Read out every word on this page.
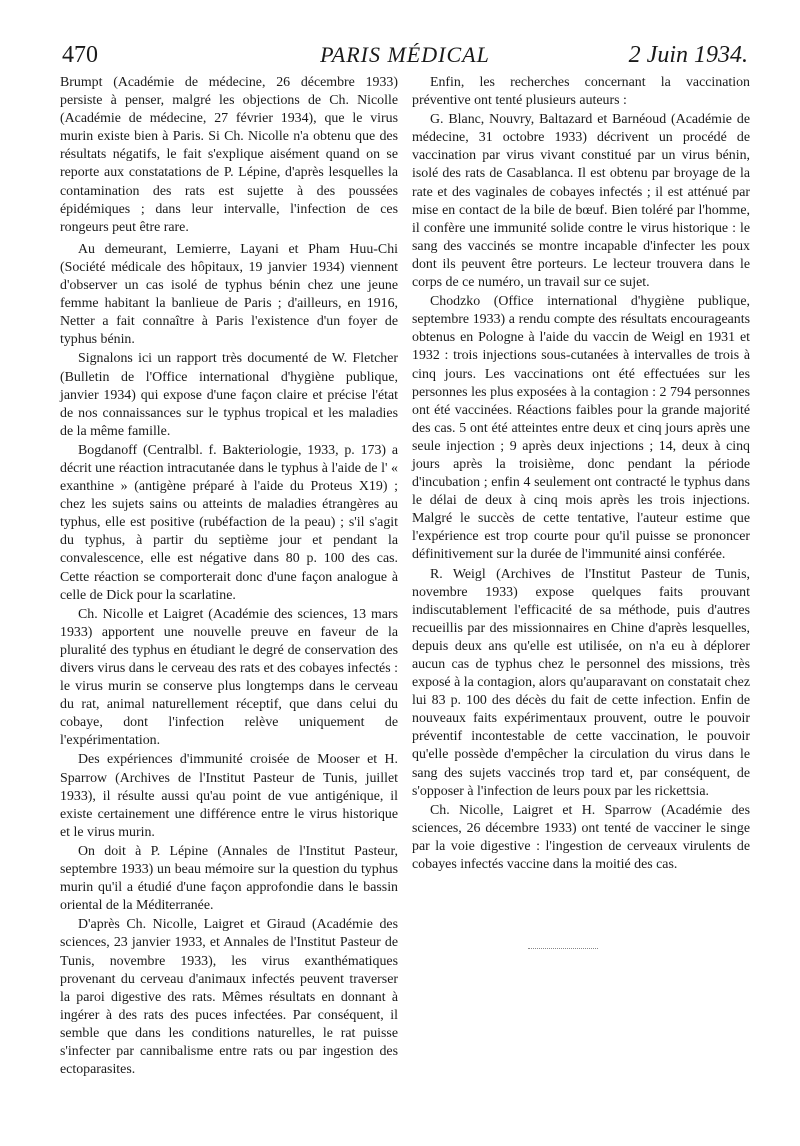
470	PARIS MÉDICAL	2 Juin 1934.

Brumpt (Académie de médecine, 26 décembre 1933) persiste à penser, malgré les objections de Ch. Nicolle (Académie de médecine, 27 février 1934), que le virus murin existe bien à Paris. Si Ch. Nicolle n'a obtenu que des résultats négatifs, le fait s'explique aisément quand on se reporte aux constatations de P. Lépine, d'après lesquelles la contamination des rats est sujette à des poussées épidémiques ; dans leur intervalle, l'infection de ces rongeurs peut être rare.

Au demeurant, Lemierre, Layani et Pham Huu-Chi (Société médicale des hôpitaux, 19 janvier 1934) viennent d'observer un cas isolé de typhus bénin chez une jeune femme habitant la banlieue de Paris ; d'ailleurs, en 1916, Netter a fait connaître à Paris l'existence d'un foyer de typhus bénin.

Signalons ici un rapport très documenté de W. Fletcher (Bulletin de l'Office international d'hygiène publique, janvier 1934) qui expose d'une façon claire et précise l'état de nos connaissances sur le typhus tropical et les maladies de la même famille.

Bogdanoff (Centralbl. f. Bakteriologie, 1933, p. 173) a décrit une réaction intracutanée dans le typhus à l'aide de l' « exanthine » (antigène préparé à l'aide du Proteus X19) ; chez les sujets sains ou atteints de maladies étrangères au typhus, elle est positive (rubéfaction de la peau) ; s'il s'agit du typhus, à partir du septième jour et pendant la convalescence, elle est négative dans 80 p. 100 des cas. Cette réaction se comporterait donc d'une façon analogue à celle de Dick pour la scarlatine.

Ch. Nicolle et Laigret (Académie des sciences, 13 mars 1933) apportent une nouvelle preuve en faveur de la pluralité des typhus en étudiant le degré de conservation des divers virus dans le cerveau des rats et des cobayes infectés : le virus murin se conserve plus longtemps dans le cerveau du rat, animal naturellement réceptif, que dans celui du cobaye, dont l'infection relève uniquement de l'expérimentation.

Des expériences d'immunité croisée de Mooser et H. Sparrow (Archives de l'Institut Pasteur de Tunis, juillet 1933), il résulte aussi qu'au point de vue antigénique, il existe certainement une différence entre le virus historique et le virus murin.

On doit à P. Lépine (Annales de l'Institut Pasteur, septembre 1933) un beau mémoire sur la question du typhus murin qu'il a étudié d'une façon approfondie dans le bassin oriental de la Méditerranée.

D'après Ch. Nicolle, Laigret et Giraud (Académie des sciences, 23 janvier 1933, et Annales de l'Institut Pasteur de Tunis, novembre 1933), les virus exanthématiques provenant du cerveau d'animaux infectés peuvent traverser la paroi digestive des rats. Mêmes résultats en donnant à ingérer à des rats des puces infectées. Par conséquent, il semble que dans les conditions naturelles, le rat puisse s'infecter par cannibalisme entre rats ou par ingestion des ectoparasites.

Enfin, les recherches concernant la vaccination préventive ont tenté plusieurs auteurs :

G. Blanc, Nouvry, Baltazard et Barnéoud (Académie de médecine, 31 octobre 1933) décrivent un procédé de vaccination par virus vivant constitué par un virus bénin, isolé des rats de Casablanca. Il est obtenu par broyage de la rate et des vaginales de cobayes infectés ; il est atténué par mise en contact de la bile de bœuf. Bien toléré par l'homme, il confère une immunité solide contre le virus historique : le sang des vaccinés se montre incapable d'infecter les poux dont ils peuvent être porteurs. Le lecteur trouvera dans le corps de ce numéro, un travail sur ce sujet.

Chodzko (Office international d'hygiène publique, septembre 1933) a rendu compte des résultats encourageants obtenus en Pologne à l'aide du vaccin de Weigl en 1931 et 1932 : trois injections sous-cutanées à intervalles de trois à cinq jours. Les vaccinations ont été effectuées sur les personnes les plus exposées à la contagion : 2 794 personnes ont été vaccinées. Réactions faibles pour la grande majorité des cas. 5 ont été atteintes entre deux et cinq jours après une seule injection ; 9 après deux injections ; 14, deux à cinq jours après la troisième, donc pendant la période d'incubation ; enfin 4 seulement ont contracté le typhus dans le délai de deux à cinq mois après les trois injections. Malgré le succès de cette tentative, l'auteur estime que l'expérience est trop courte pour qu'il puisse se prononcer définitivement sur la durée de l'immunité ainsi conférée.

R. Weigl (Archives de l'Institut Pasteur de Tunis, novembre 1933) expose quelques faits prouvant indiscutablement l'efficacité de sa méthode, puis d'autres recueillis par des missionnaires en Chine d'après lesquelles, depuis deux ans qu'elle est utilisée, on n'a eu à déplorer aucun cas de typhus chez le personnel des missions, très exposé à la contagion, alors qu'auparavant on constatait chez lui 83 p. 100 des décès du fait de cette infection. Enfin de nouveaux faits expérimentaux prouvent, outre le pouvoir préventif incontestable de cette vaccination, le pouvoir qu'elle possède d'empêcher la circulation du virus dans le sang des sujets vaccinés trop tard et, par conséquent, de s'opposer à l'infection de leurs poux par les rickettsia.

Ch. Nicolle, Laigret et H. Sparrow (Académie des sciences, 26 décembre 1933) ont tenté de vacciner le singe par la voie digestive : l'ingestion de cerveaux virulents de cobayes infectés vaccine dans la moitié des cas.
